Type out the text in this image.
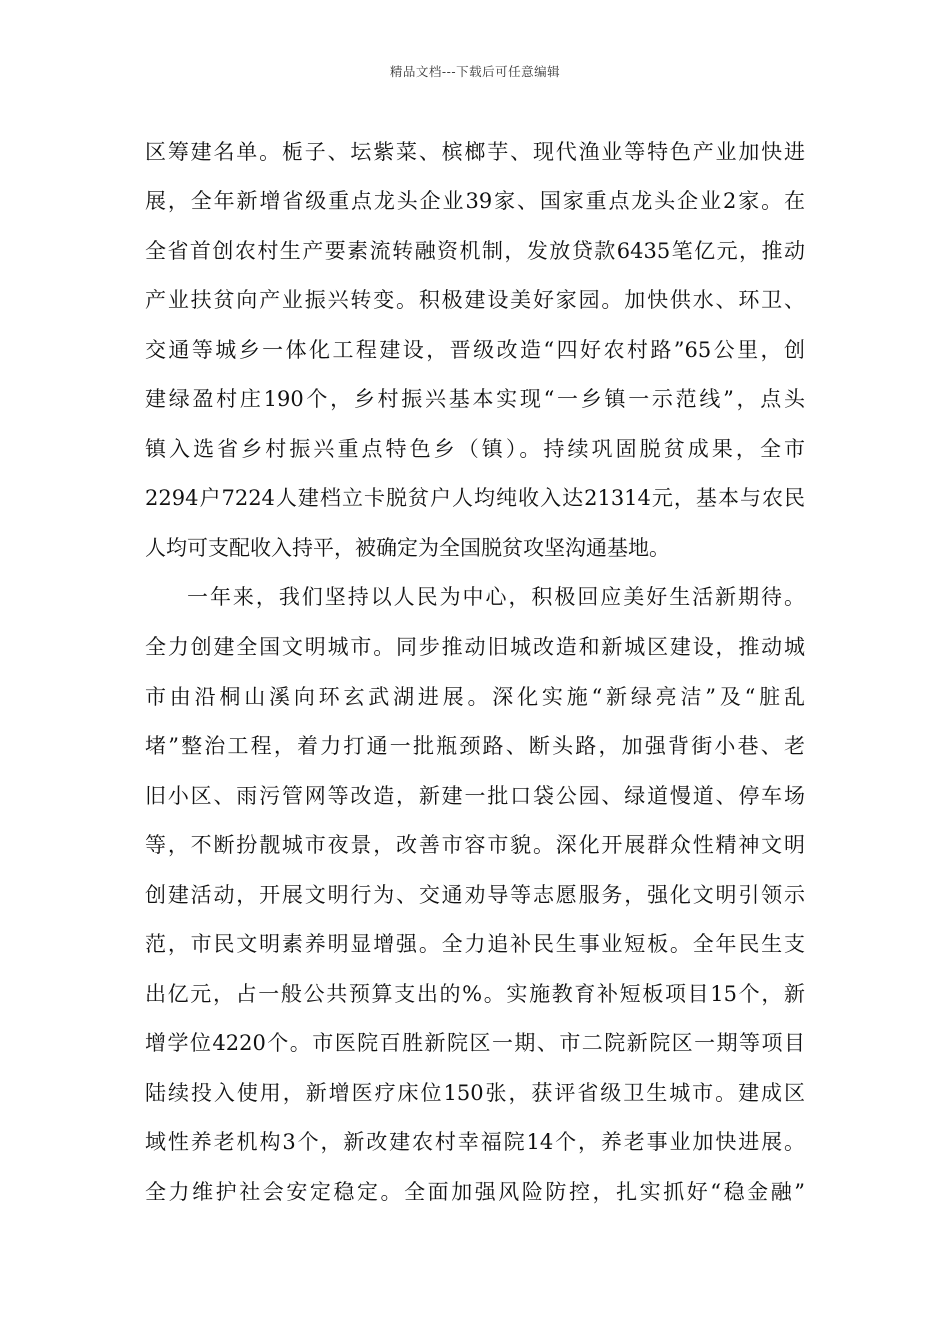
精品文档---下载后可任意编辑
区筹建名单。栀子、坛紫菜、槟榔芋、现代渔业等特色产业加快进
展，全年新增省级重点龙头企业39家、国家重点龙头企业2家。在
全省首创农村生产要素流转融资机制，发放贷款6435笔亿元，推动
产业扶贫向产业振兴转变。积极建设美好家园。加快供水、环卫、
交通等城乡一体化工程建设，晋级改造“四好农村路”65公里，创
建绿盈村庄190个，乡村振兴基本实现“一乡镇一示范线”，点头
镇入选省乡村振兴重点特色乡（镇）。持续巩固脱贫成果，全市
2294户7224人建档立卡脱贫户人均纯收入达21314元，基本与农民
人均可支配收入持平，被确定为全国脱贫攻坚沟通基地。
一年来，我们坚持以人民为中心，积极回应美好生活新期待。
全力创建全国文明城市。同步推动旧城改造和新城区建设，推动城
市由沿桐山溪向环玄武湖进展。深化实施“新绿亮洁”及“脏乱
堵”整治工程，着力打通一批瓶颈路、断头路，加强背街小巷、老
旧小区、雨污管网等改造，新建一批口袋公园、绿道慢道、停车场
等，不断扮靓城市夜景，改善市容市貌。深化开展群众性精神文明
创建活动，开展文明行为、交通劝导等志愿服务，强化文明引领示
范，市民文明素养明显增强。全力追补民生事业短板。全年民生支
出亿元，占一般公共预算支出的%。实施教育补短板项目15个，新
增学位4220个。市医院百胜新院区一期、市二院新院区一期等项目
陆续投入使用，新增医疗床位150张，获评省级卫生城市。建成区
域性养老机构3个，新改建农村幸福院14个，养老事业加快进展。
全力维护社会安定稳定。全面加强风险防控，扎实抓好“稳金融”
